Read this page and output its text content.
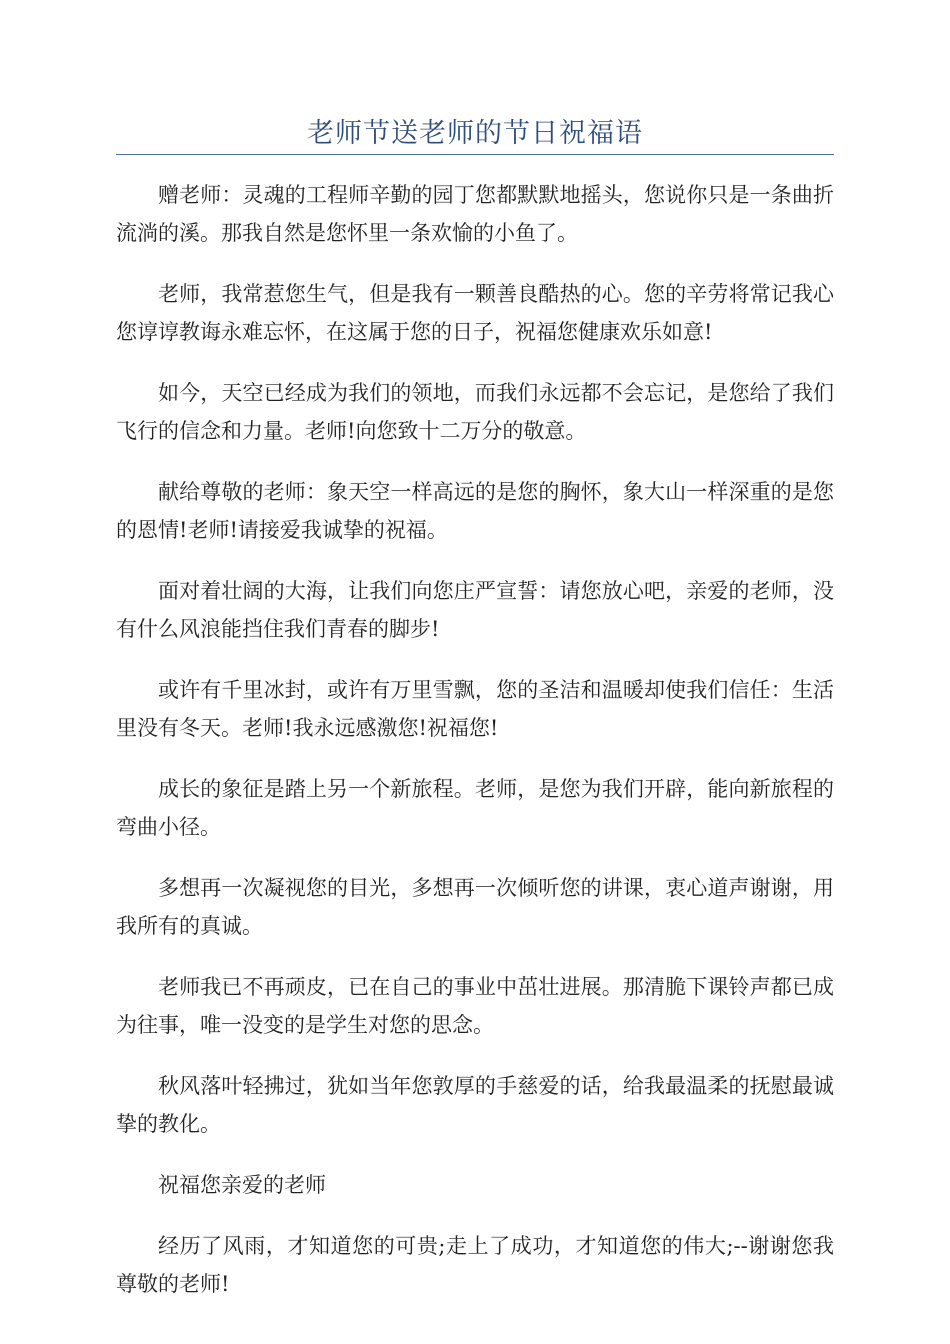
老师节送老师的节日祝福语

赠老师：灵魂的工程师辛勤的园丁您都默默地摇头，您说你只是一条曲折流淌的溪。那我自然是您怀里一条欢愉的小鱼了。

老师，我常惹您生气，但是我有一颗善良酷热的心。您的辛劳将常记我心您谆谆教诲永难忘怀，在这属于您的日子，祝福您健康欢乐如意!

如今，天空已经成为我们的领地，而我们永远都不会忘记，是您给了我们飞行的信念和力量。老师!向您致十二万分的敬意。

献给尊敬的老师：象天空一样高远的是您的胸怀，象大山一样深重的是您的恩情!老师!请接爱我诚挚的祝福。

面对着壮阔的大海，让我们向您庄严宣誓：请您放心吧，亲爱的老师，没有什么风浪能挡住我们青春的脚步!

或许有千里冰封，或许有万里雪飘，您的圣洁和温暖却使我们信任：生活里没有冬天。老师!我永远感激您!祝福您!

成长的象征是踏上另一个新旅程。老师，是您为我们开辟，能向新旅程的弯曲小径。

多想再一次凝视您的目光，多想再一次倾听您的讲课，衷心道声谢谢，用我所有的真诚。

老师我已不再顽皮，已在自己的事业中茁壮进展。那清脆下课铃声都已成为往事，唯一没变的是学生对您的思念。

秋风落叶轻拂过，犹如当年您敦厚的手慈爱的话，给我最温柔的抚慰最诚挚的教化。

祝福您亲爱的老师

经历了风雨，才知道您的可贵;走上了成功，才知道您的伟大;--谢谢您我尊敬的老师!
